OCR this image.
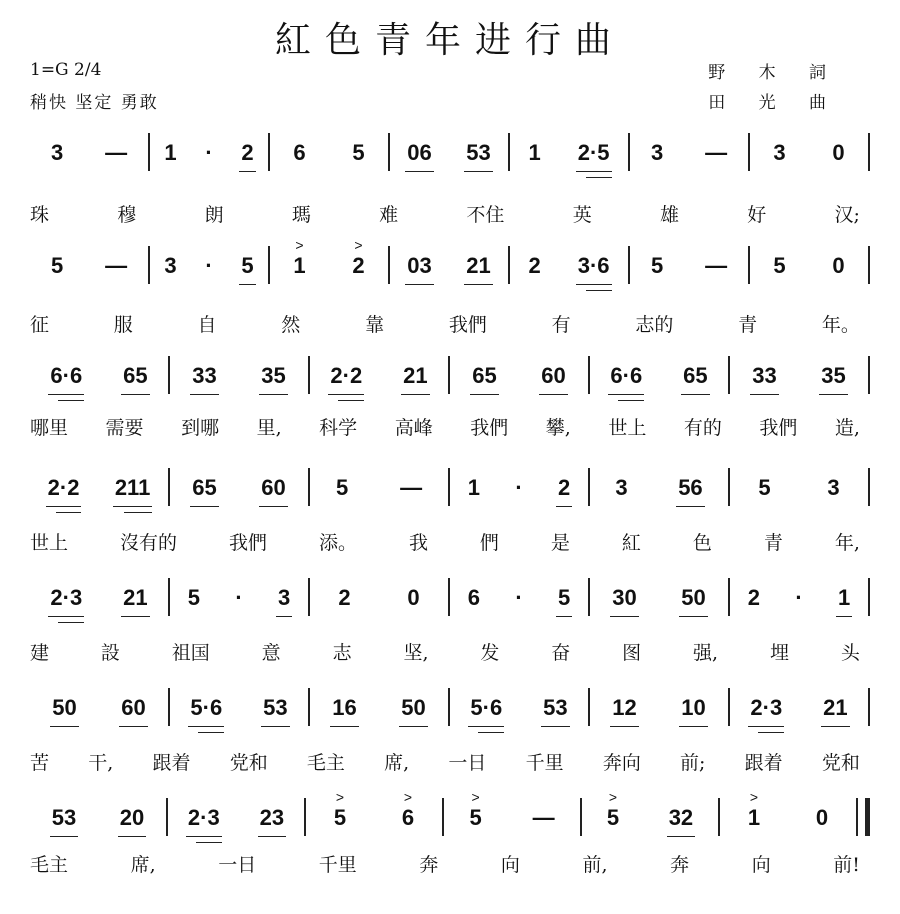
紅色青年进行曲
1=G 2/4
稍快 坚定 勇敢
野 木 詞
田 光 曲
3 — 1 · 2 6 5 06 53 1 2·5 3 — 3 0
珠	穆	朗	瑪	难	不住	英	雄	好	汉;
5 — 3 · 5 1
>
2
>
03 21 2 3·6 5 — 5 0
征	服	自	然	靠	我們	有	志的	青	年。
6·6 65 33 35 2·2 21 65 60 6·6 65 33 35
哪里 需要 到哪 里, 科学 高峰 我們 攀, 世上 有的 我們 造,
2·2 211 65 60 5 — 1 · 2 3 56	5	3
世上	沒有的	我們	添。	我	們	是	紅	色	青	年,
2·3 21 5 · 3 2	0 6 · 5 30 50 2 · 1
建	設	祖国	意	志	坚,	发	奋	图	强,	埋	头
50 60 5·6 53 16 50 5·6 53 12 10 2·3 21
苦 干, 跟着 党和 毛主 席, 一日 千里 奔向 前; 跟着 党和
53 20 2·3 23 5
>
6
>
5
>
— 5
>
32 1
>
0
毛主	席,	一日	千里	奔	向	前,	奔	向	前!
